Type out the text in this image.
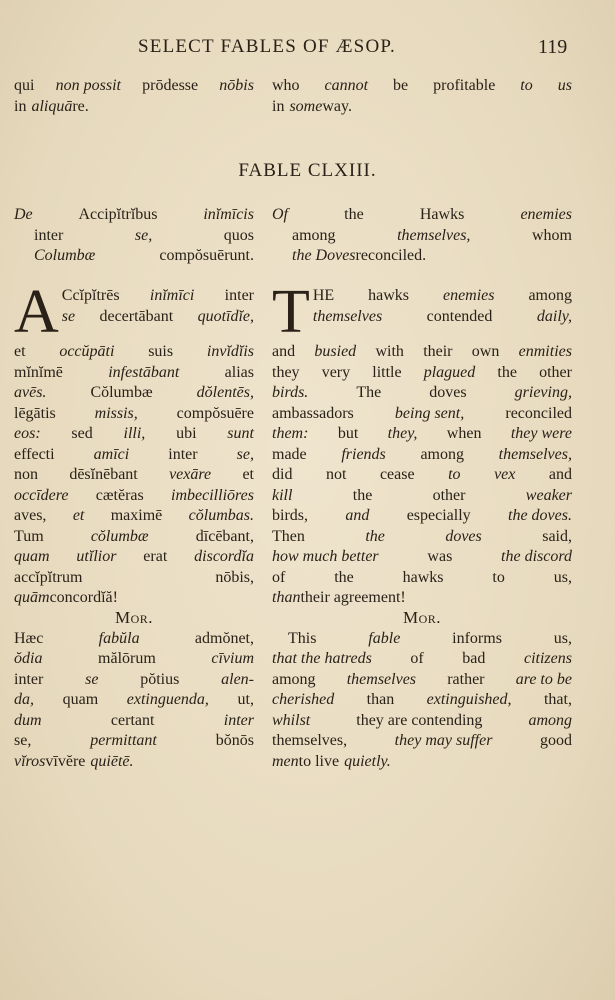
SELECT FABLES OF ÆSOP.	119
qui non possit prōdesse nōbis
in aliquā re.
who cannot be profitable to us
in some way.
FABLE CLXIII.
De	Accipĭtrĭbus	inĭmīcis
inter	se,	quos
Columbæ	compŏsuērunt.
Of	the	Hawks	enemies
among	themselves,	whom
the Doves reconciled.
A Ccĭpĭtrēs inĭmīci inter
se decertābant quotīdĭe,
et occŭpāti suis invĭdĭis
mĭnĭmē	infestābant	alias
avēs.	Cŏlumbæ	dŏlentēs,
lēgātis missis, compŏsuēre
eos: sed illi, ubi sunt
effecti amīci inter se,
non dēsĭnēbant vexāre et
occīdere cætĕras imbecilliōres
aves, et maximē cŏlumbas.
Tum	cŏlumbæ	dīcēbant,
quam utĭlior erat discordĭa
accĭpĭtrum	nōbis,
quām concordĭă!
T HE hawks enemies among
themselves	contended	daily,
and busied with their own enmities
they very little plagued the other
birds.	The	doves	grieving,
ambassadors	being sent,	reconciled
them: but they, when they were
made friends among themselves,
did not cease to vex and
kill	the	other	weaker
birds, and especially the doves.
Then	the	doves	said,
how much better	was	the discord
of	the	hawks	to	us,
than their agreement!
Mor.
Hæc	fabŭla	admŏnet,
ŏdia	mălōrum	cīvium
inter	se	pŏtius	alen-
da, quam extinguenda, ut,
dum	certant	inter
se,	permittant	bŏnōs
vĭros vīvĕre quiētē.
Mor.
This	fable	informs	us,
that the hatreds of bad citizens
among themselves rather are to be
cherished than extinguished, that,
whilst	they are contending	among
themselves,	they may suffer	good
men to live quietly.
